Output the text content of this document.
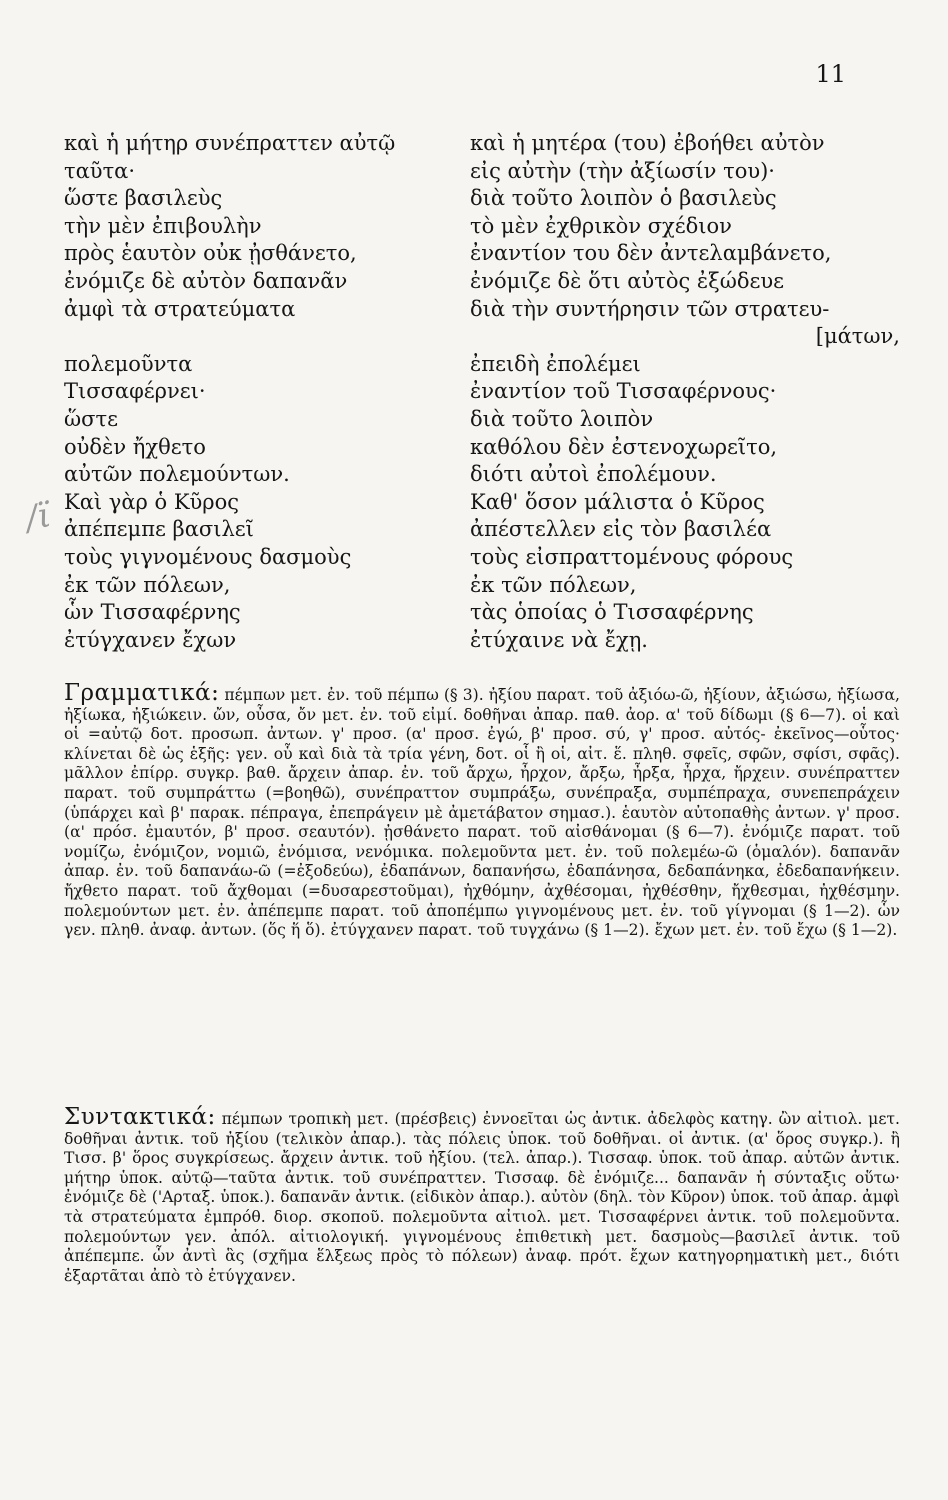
11
/ϊ
καὶ ἡ μήτηρ συνέπραττεν αὐτῷ
ταῦτα·
ὥστε βασιλεὺς
τὴν μὲν ἐπιβουλὴν
πρὸς ἑαυτὸν οὐκ ᾐσθάνετο,
ἐνόμιζε δὲ αὐτὸν δαπανᾶν
ἀμφὶ τὰ στρατεύματα
πολεμοῦντα
Τισσαφέρνει·
ὥστε
οὐδὲν ἤχθετο
αὐτῶν πολεμούντων.
Καὶ γὰρ ὁ Κῦρος
ἀπέπεμπε βασιλεῖ
τοὺς γιγνομένους δασμοὺς
ἐκ τῶν πόλεων,
ὧν Τισσαφέρνης
ἐτύγχανεν ἔχων
καὶ ἡ μητέρα (του) ἐβοήθει αὐτὸν
εἰς αὐτὴν (τὴν ἀξίωσίν του)·
διὰ τοῦτο λοιπὸν ὁ βασιλεὺς
τὸ μὲν ἐχθρικὸν σχέδιον
ἐναντίον του δὲν ἀντελαμβάνετο,
ἐνόμιζε δὲ ὅτι αὐτὸς ἐξώδευε
διὰ τὴν συντήρησιν τῶν στρατευ-
[μάτων,
ἐπειδὴ ἐπολέμει
ἐναντίον τοῦ Τισσαφέρνους·
διὰ τοῦτο λοιπὸν
καθόλου δὲν ἐστενοχωρεῖτο,
διότι αὐτοὶ ἐπολέμουν.
Καθ' ὅσον μάλιστα ὁ Κῦρος
ἀπέστελλεν εἰς τὸν βασιλέα
τοὺς εἰσπραττομένους φόρους
ἐκ τῶν πόλεων,
τὰς ὁποίας ὁ Τισσαφέρνης
ἐτύχαινε νὰ ἔχῃ.
Γραμματικά: πέμπων μετ. ἐν. τοῦ πέμπω (§ 3). ἠξίου παρατ. τοῦ ἀξιόω-ῶ, ἠξίουν, ἀξιώσω, ἠξίωσα, ἠξίωκα, ἠξιώκειν. ὤν, οὖσα, ὄν μετ. ἐν. τοῦ εἰμί. δοθῆναι ἀπαρ. παθ. ἀορ. α' τοῦ δίδωμι (§ 6—7). οἱ καὶ οἱ =αὐτῷ δοτ. προσωπ. ἀντων. γ' προσ. (α' προσ. ἐγώ, β' προσ. σύ, γ' προσ. αὐτός- ἐκεῖνος—οὗτος· κλίνεται δὲ ὡς ἑξῆς: γεν. οὗ καὶ διὰ τὰ τρία γένη, δοτ. οἷ ἢ οἱ, αἰτ. ἕ. πληθ. σφεῖς, σφῶν, σφίσι, σφᾶς). μᾶλλον ἐπίρρ. συγκρ. βαθ. ἄρχειν ἀπαρ. ἐν. τοῦ ἄρχω, ἦρχον, ἄρξω, ἦρξα, ἦρχα, ἤρχειν. συνέπραττεν παρατ. τοῦ συμπράττω (=βοηθῶ), συνέπραττον συμπράξω, συνέπραξα, συμπέπραχα, συνεπεπράχειν (ὑπάρχει καὶ β' παρακ. πέπραγα, ἐπεπράγειν μὲ ἀμετάβατον σημασ.). ἑαυτὸν αὐτοπαθὴς ἀντων. γ' προσ. (α' πρόσ. ἐμαυτόν, β' προσ. σεαυτόν). ᾐσθάνετο παρατ. τοῦ αἰσθάνομαι (§ 6—7). ἐνόμιζε παρατ. τοῦ νομίζω, ἐνόμιζον, νομιῶ, ἐνόμισα, νενόμικα. πολεμοῦντα μετ. ἐν. τοῦ πολεμέω-ῶ (ὁμαλόν). δαπανᾶν ἀπαρ. ἐν. τοῦ δαπανάω-ῶ (=ἐξοδεύω), ἐδαπάνων, δαπανήσω, ἐδαπάνησα, δεδαπάνηκα, ἐδεδαπανήκειν. ἤχθετο παρατ. τοῦ ἄχθομαι (=δυσαρεστοῦμαι), ἠχθόμην, ἀχθέσομαι, ἠχθέσθην, ἤχθεσμαι, ἠχθέσμην. πολεμούντων μετ. ἐν. ἀπέπεμπε παρατ. τοῦ ἀποπέμπω γιγνομένους μετ. ἐν. τοῦ γίγνομαι (§ 1—2). ὧν γεν. πληθ. ἀναφ. ἀντων. (ὅς ἥ ὅ). ἐτύγχανεν παρατ. τοῦ τυγχάνω (§ 1—2). ἔχων μετ. ἐν. τοῦ ἔχω (§ 1—2).
Συντακτικά: πέμπων τροπικὴ μετ. (πρέσβεις) ἐννοεῖται ὡς ἀντικ. ἀδελφὸς κατηγ. ὢν αἰτιολ. μετ. δοθῆναι ἀντικ. τοῦ ἠξίου (τελικὸν ἀπαρ.). τὰς πόλεις ὑποκ. τοῦ δοθῆναι. οἱ ἀντικ. (α' ὅρος συγκρ.). ἢ Τισσ. β' ὅρος συγκρίσεως. ἄρχειν ἀντικ. τοῦ ἠξίου. (τελ. ἀπαρ.). Τισσαφ. ὑποκ. τοῦ ἀπαρ. αὐτῶν ἀντικ. μήτηρ ὑποκ. αὐτῷ—ταῦτα ἀντικ. τοῦ συνέπραττεν. Τισσαφ. δὲ ἐνόμιζε... δαπανᾶν ἡ σύνταξις οὕτω· ἐνόμιζε δὲ ('Αρταξ. ὑποκ.). δαπανᾶν ἀντικ. (εἰδικὸν ἀπαρ.). αὐτὸν (δηλ. τὸν Κῦρον) ὑποκ. τοῦ ἀπαρ. ἀμφὶ τὰ στρατεύματα ἐμπρόθ. διορ. σκοποῦ. πολεμοῦντα αἰτιολ. μετ. Τισσαφέρνει ἀντικ. τοῦ πολεμοῦντα. πολεμούντων γεν. ἀπόλ. αἰτιολογική. γιγνομένους ἐπιθετικὴ μετ. δασμοὺς—βασιλεῖ ἀντικ. τοῦ ἀπέπεμπε. ὧν ἀντὶ ἃς (σχῆμα ἕλξεως πρὸς τὸ πόλεων) ἀναφ. πρότ. ἔχων κατηγορηματικὴ μετ., διότι ἐξαρτᾶται ἀπὸ τὸ ἐτύγχανεν.
